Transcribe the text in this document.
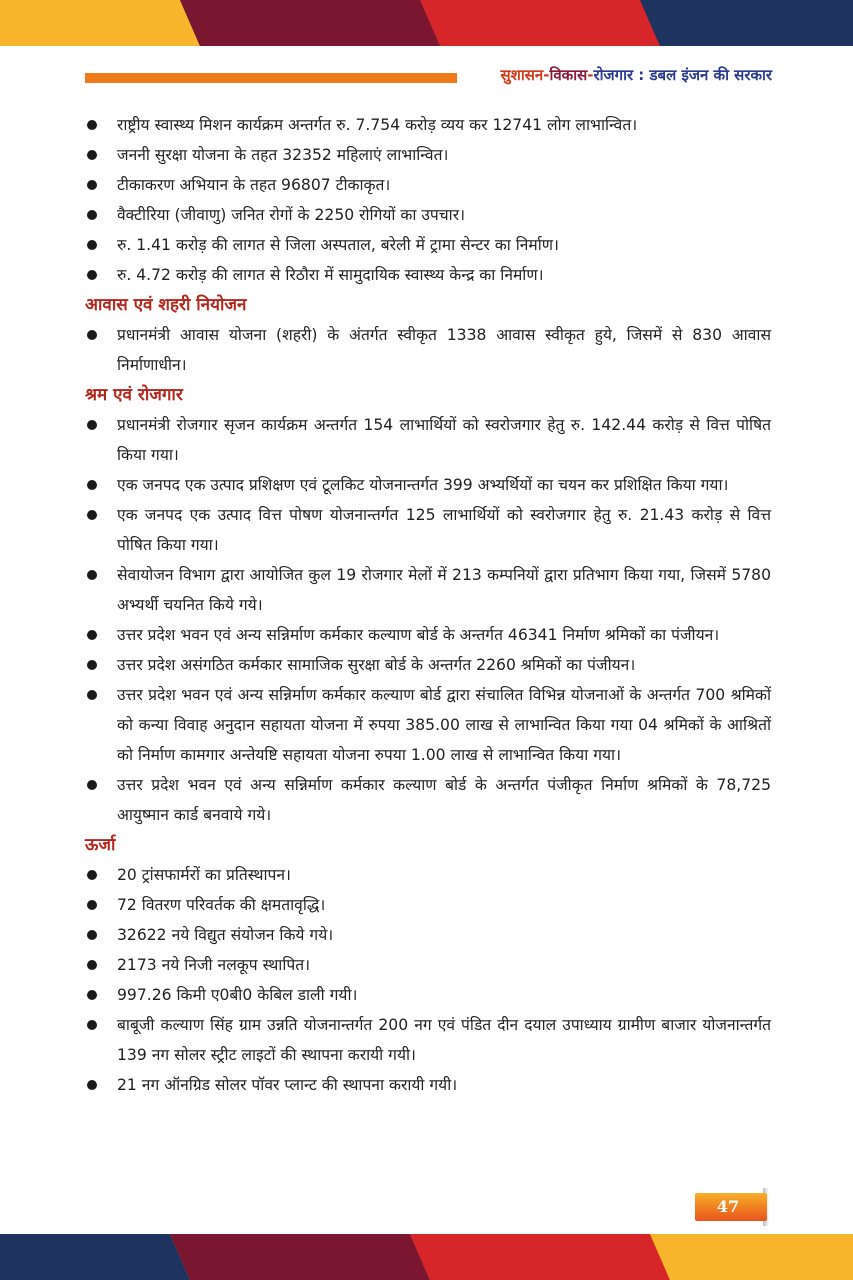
सुशासन-विकास-रोजगार : डबल इंजन की सरकार
राष्ट्रीय स्वास्थ्य मिशन कार्यक्रम अन्तर्गत रु. 7.754 करोड़ व्यय कर 12741 लोग लाभान्वित।
जननी सुरक्षा योजना के तहत 32352 महिलाएं लाभान्वित।
टीकाकरण अभियान के तहत 96807 टीकाकृत।
वैक्टीरिया (जीवाणु) जनित रोगों के 2250 रोगियों का उपचार।
रु. 1.41 करोड़ की लागत से जिला अस्पताल, बरेली में ट्रामा सेन्टर का निर्माण।
रु. 4.72 करोड़ की लागत से रिठौरा में सामुदायिक स्वास्थ्य केन्द्र का निर्माण।
आवास एवं शहरी नियोजन
प्रधानमंत्री आवास योजना (शहरी) के अंतर्गत स्वीकृत 1338 आवास स्वीकृत हुये, जिसमें से 830 आवास निर्माणाधीन।
श्रम एवं रोजगार
प्रधानमंत्री रोजगार सृजन कार्यक्रम अन्तर्गत 154 लाभार्थियों को स्वरोजगार हेतु रु. 142.44 करोड़ से वित्त पोषित किया गया।
एक जनपद एक उत्पाद प्रशिक्षण एवं टूलकिट योजनान्तर्गत 399 अभ्यर्थियों का चयन कर प्रशिक्षित किया गया।
एक जनपद एक उत्पाद वित्त पोषण योजनान्तर्गत 125 लाभार्थियों को स्वरोजगार हेतु रु. 21.43 करोड़ से वित्त पोषित किया गया।
सेवायोजन विभाग द्वारा आयोजित कुल 19 रोजगार मेलों में 213 कम्पनियों द्वारा प्रतिभाग किया गया, जिसमें 5780 अभ्यर्थी चयनित किये गये।
उत्तर प्रदेश भवन एवं अन्य सन्निर्माण कर्मकार कल्याण बोर्ड के अन्तर्गत 46341 निर्माण श्रमिकों का पंजीयन।
उत्तर प्रदेश असंगठित कर्मकार सामाजिक सुरक्षा बोर्ड के अन्तर्गत 2260 श्रमिकों का पंजीयन।
उत्तर प्रदेश भवन एवं अन्य सन्निर्माण कर्मकार कल्याण बोर्ड द्वारा संचालित विभिन्न योजनाओं के अन्तर्गत 700 श्रमिकों को कन्या विवाह अनुदान सहायता योजना में रुपया 385.00 लाख से लाभान्वित किया गया 04 श्रमिकों के आश्रितों को निर्माण कामगार अन्तेयष्टि सहायता योजना रुपया 1.00 लाख से लाभान्वित किया गया।
उत्तर प्रदेश भवन एवं अन्य सन्निर्माण कर्मकार कल्याण बोर्ड के अन्तर्गत पंजीकृत निर्माण श्रमिकों के 78,725 आयुष्मान कार्ड बनवाये गये।
ऊर्जा
20 ट्रांसफार्मरों का प्रतिस्थापन।
72 वितरण परिवर्तक की क्षमतावृद्धि।
32622 नये विद्युत संयोजन किये गये।
2173 नये निजी नलकूप स्थापित।
997.26 किमी ए0बी0 केबिल डाली गयी।
बाबूजी कल्याण सिंह ग्राम उन्नति योजनान्तर्गत 200 नग एवं पंडित दीन दयाल उपाध्याय ग्रामीण बाजार योजनान्तर्गत 139 नग सोलर स्ट्रीट लाइटों की स्थापना करायी गयी।
21 नग ऑनग्रिड सोलर पॉवर प्लान्ट की स्थापना करायी गयी।
47
